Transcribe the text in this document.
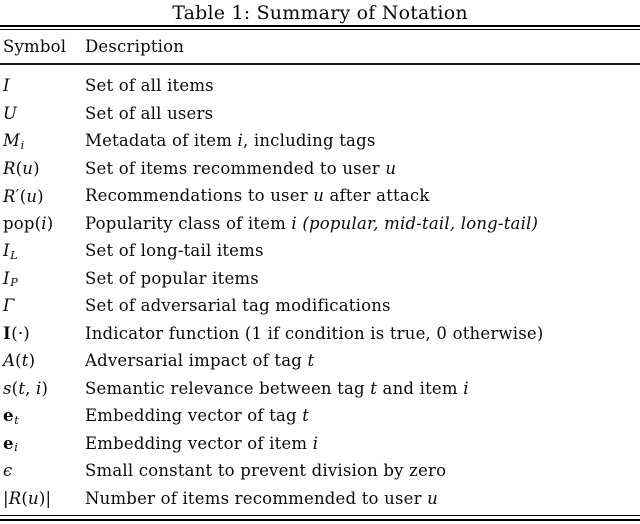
Table 1: Summary of Notation
Symbol	Description
I	Set of all items
U	Set of all users
$M_i$	Metadata of item i, including tags
R(u)	Set of items recommended to user u
R′(u)	Recommendations to user u after attack
pop(i)	Popularity class of item i (popular, mid-tail, long-tail)
$I_L$	Set of long-tail items
$I_P$	Set of popular items
Γ	Set of adversarial tag modifications
I(·)	Indicator function (1 if condition is true, 0 otherwise)
A(t)	Adversarial impact of tag t
s(t, i)	Semantic relevance between tag t and item i
$e_t$	Embedding vector of tag t
$e_i$	Embedding vector of item i
ϵ	Small constant to prevent division by zero
|R(u)|	Number of items recommended to user u
